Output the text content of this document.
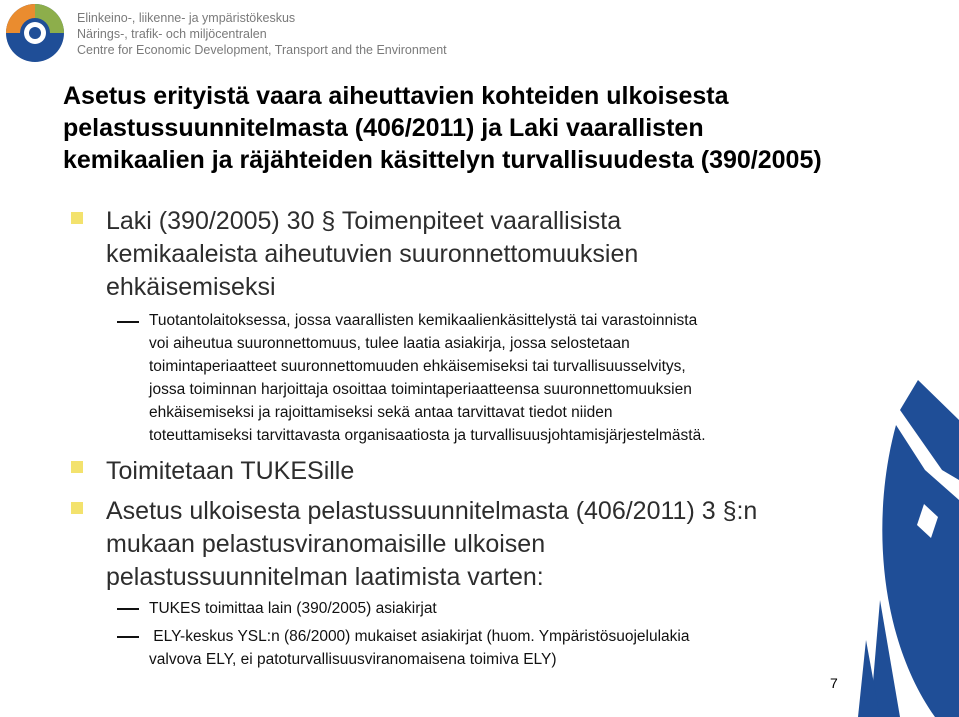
Elinkeino-, liikenne- ja ympäristökeskus
Närings-, trafik- och miljöcentralen
Centre for Economic Development, Transport and the Environment
Asetus erityistä vaara aiheuttavien kohteiden ulkoisesta
pelastussuunnitelmasta (406/2011) ja Laki vaarallisten
kemikaalien ja räjähteiden käsittelyn turvallisuudesta (390/2005)
Laki (390/2005) 30 § Toimenpiteet vaarallisista
kemikaaleista aiheutuvien suuronnettomuuksien
ehkäisemiseksi
Tuotantolaitoksessa, jossa vaarallisten kemikaalienkäsittelystä tai varastoinnista
voi aiheutua suuronnettomuus, tulee laatia asiakirja, jossa selostetaan
toimintaperiaatteet suuronnettomuuden ehkäisemiseksi tai turvallisuusselvitys,
jossa toiminnan harjoittaja osoittaa toimintaperiaatteensa suuronnettomuuksien
ehkäisemiseksi ja rajoittamiseksi sekä antaa tarvittavat tiedot niiden
toteuttamiseksi tarvittavasta organisaatiosta ja turvallisuusjohtamisjärjestelmästä.
Toimitetaan TUKESille
Asetus ulkoisesta pelastussuunnitelmasta (406/2011) 3 §:n
mukaan pelastusviranomaisille ulkoisen
pelastussuunnitelman laatimista varten:
TUKES toimittaa lain (390/2005) asiakirjat
ELY-keskus YSL:n (86/2000) mukaiset asiakirjat (huom. Ympäristösuojelulakia
valvova ELY, ei patoturvallisuusviranomaisena toimiva ELY)
7
